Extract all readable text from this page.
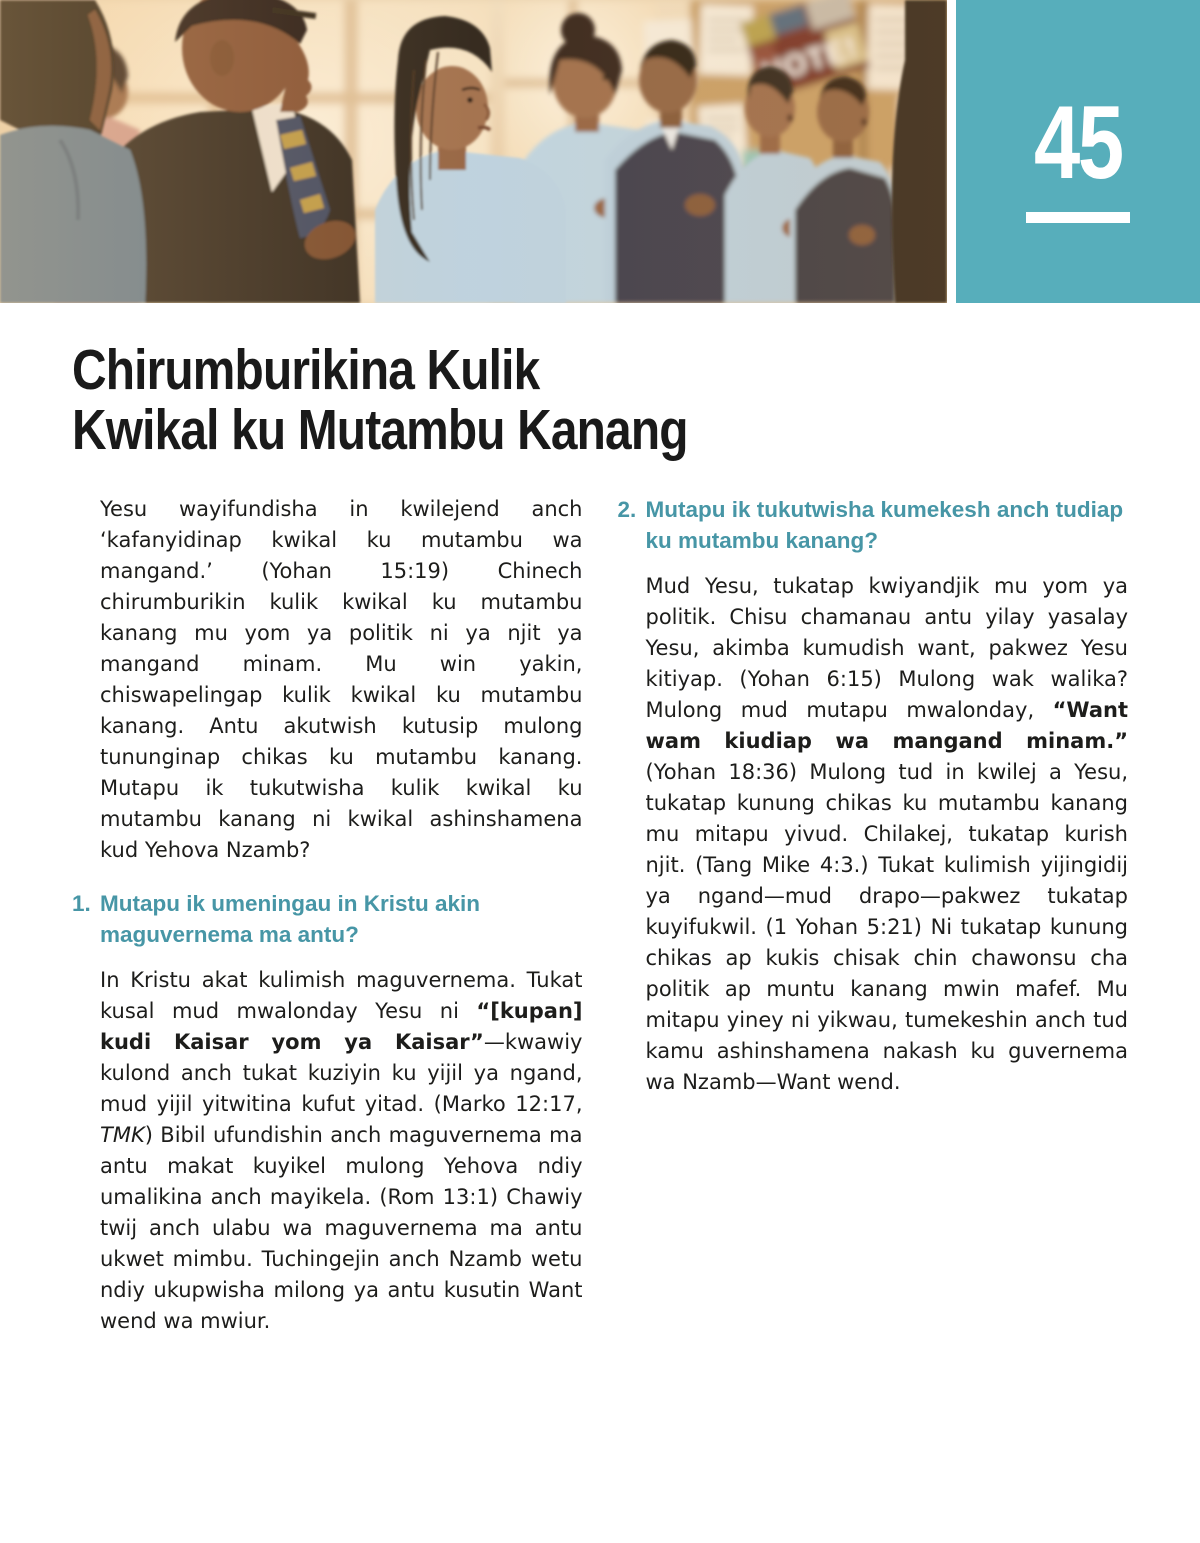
45
Chirumburikina Kulik
Kwikal ku Mutambu Kanang

Yesu wayifundisha in kwilejend anch ‘kafanyidinap kwikal ku mutambu wa mangand.’ (Yohan 15:19) Chinech chirumburikin kulik kwikal ku mutambu kanang mu yom ya politik ni ya njit ya mangand minam. Mu win yakin, chiswapelingap kulik kwikal ku mutambu kanang. Antu akutwish kutusip mulong tununginap chikas ku mutambu kanang. Mutapu ik tukutwisha kulik kwikal ku mutambu kanang ni kwikal ashinshamena kud Yehova Nzamb?

1. Mutapu ik umeningau in Kristu akin maguvernema ma antu?

In Kristu akat kulimish maguvernema. Tukat kusal mud mwalonday Yesu ni “[kupan] kudi Kaisar yom ya Kaisar”—kwawiy kulond anch tukat kuziyin ku yijil ya ngand, mud yijil yitwitina kufut yitad. (Marko 12:17, TMK) Bibil ufundishin anch maguvernema ma antu makat kuyikel mulong Yehova ndiy umalikina anch mayikela. (Rom 13:1) Chawiy twij anch ulabu wa maguvernema ma antu ukwet mimbu. Tuchingejin anch Nzamb wetu ndiy ukupwisha milong ya antu kusutin Want wend wa mwiur.

2. Mutapu ik tukutwisha kumekesh anch tudiap ku mutambu kanang?

Mud Yesu, tukatap kwiyandjik mu yom ya politik. Chisu chamanau antu yilay yasalay Yesu, akimba kumudish want, pakwez Yesu kitiyap. (Yohan 6:15) Mulong wak walika? Mulong mud mutapu mwalonday, “Want wam kiudiap wa mangand minam.” (Yohan 18:36) Mulong tud in kwilej a Yesu, tukatap kunung chikas ku mutambu kanang mu mitapu yivud. Chilakej, tukatap kurish njit. (Tang Mike 4:3.) Tukat kulimish yijingidij ya ngand—mud drapo—pakwez tukatap kuyifukwil. (1 Yohan 5:21) Ni tukatap kunung chikas ap kukis chisak chin chawonsu cha politik ap muntu kanang mwin mafef. Mu mitapu yiney ni yikwau, tumekeshin anch tud kamu ashinshamena nakash ku guvernema wa Nzamb—Want wend.
